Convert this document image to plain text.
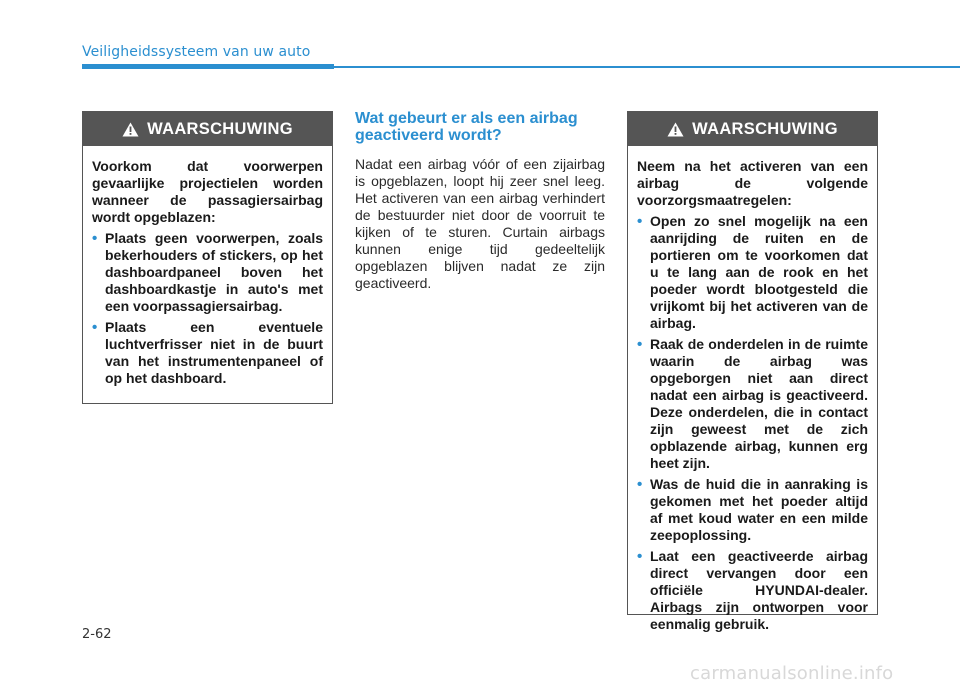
Veiligheidssysteem van uw auto
WAARSCHUWING

Voorkom dat voorwerpen gevaarlijke projectielen worden wanneer de passagiersairbag wordt opgeblazen:

• Plaats geen voorwerpen, zoals bekerhouders of stickers, op het dashboardpaneel boven het dashboardkastje in auto's met een voorpassagiersairbag.
• Plaats een eventuele luchtverfrisser niet in de buurt van het instrumentenpaneel of op het dashboard.
Wat gebeurt er als een airbag geactiveerd wordt?

Nadat een airbag vóór of een zijairbag is opgeblazen, loopt hij zeer snel leeg. Het activeren van een airbag verhindert de bestuurder niet door de voorruit te kijken of te sturen. Curtain airbags kunnen enige tijd gedeeltelijk opgeblazen blijven nadat ze zijn geactiveerd.

WAARSCHUWING

Neem na het activeren van een airbag de volgende voorzorgsmaatregelen:

• Open zo snel mogelijk na een aanrijding de ruiten en de portieren om te voorkomen dat u te lang aan de rook en het poeder wordt blootgesteld die vrijkomt bij het activeren van de airbag.
• Raak de onderdelen in de ruimte waarin de airbag was opgeborgen niet aan direct nadat een airbag is geactiveerd. Deze onderdelen, die in contact zijn geweest met de zich opblazende airbag, kunnen erg heet zijn.
• Was de huid die in aanraking is gekomen met het poeder altijd af met koud water en een milde zeepoplossing.
• Laat een geactiveerde airbag direct vervangen door een officiële HYUNDAI-dealer. Airbags zijn ontworpen voor eenmalig gebruik.
2-62
carmanualsonline.info
